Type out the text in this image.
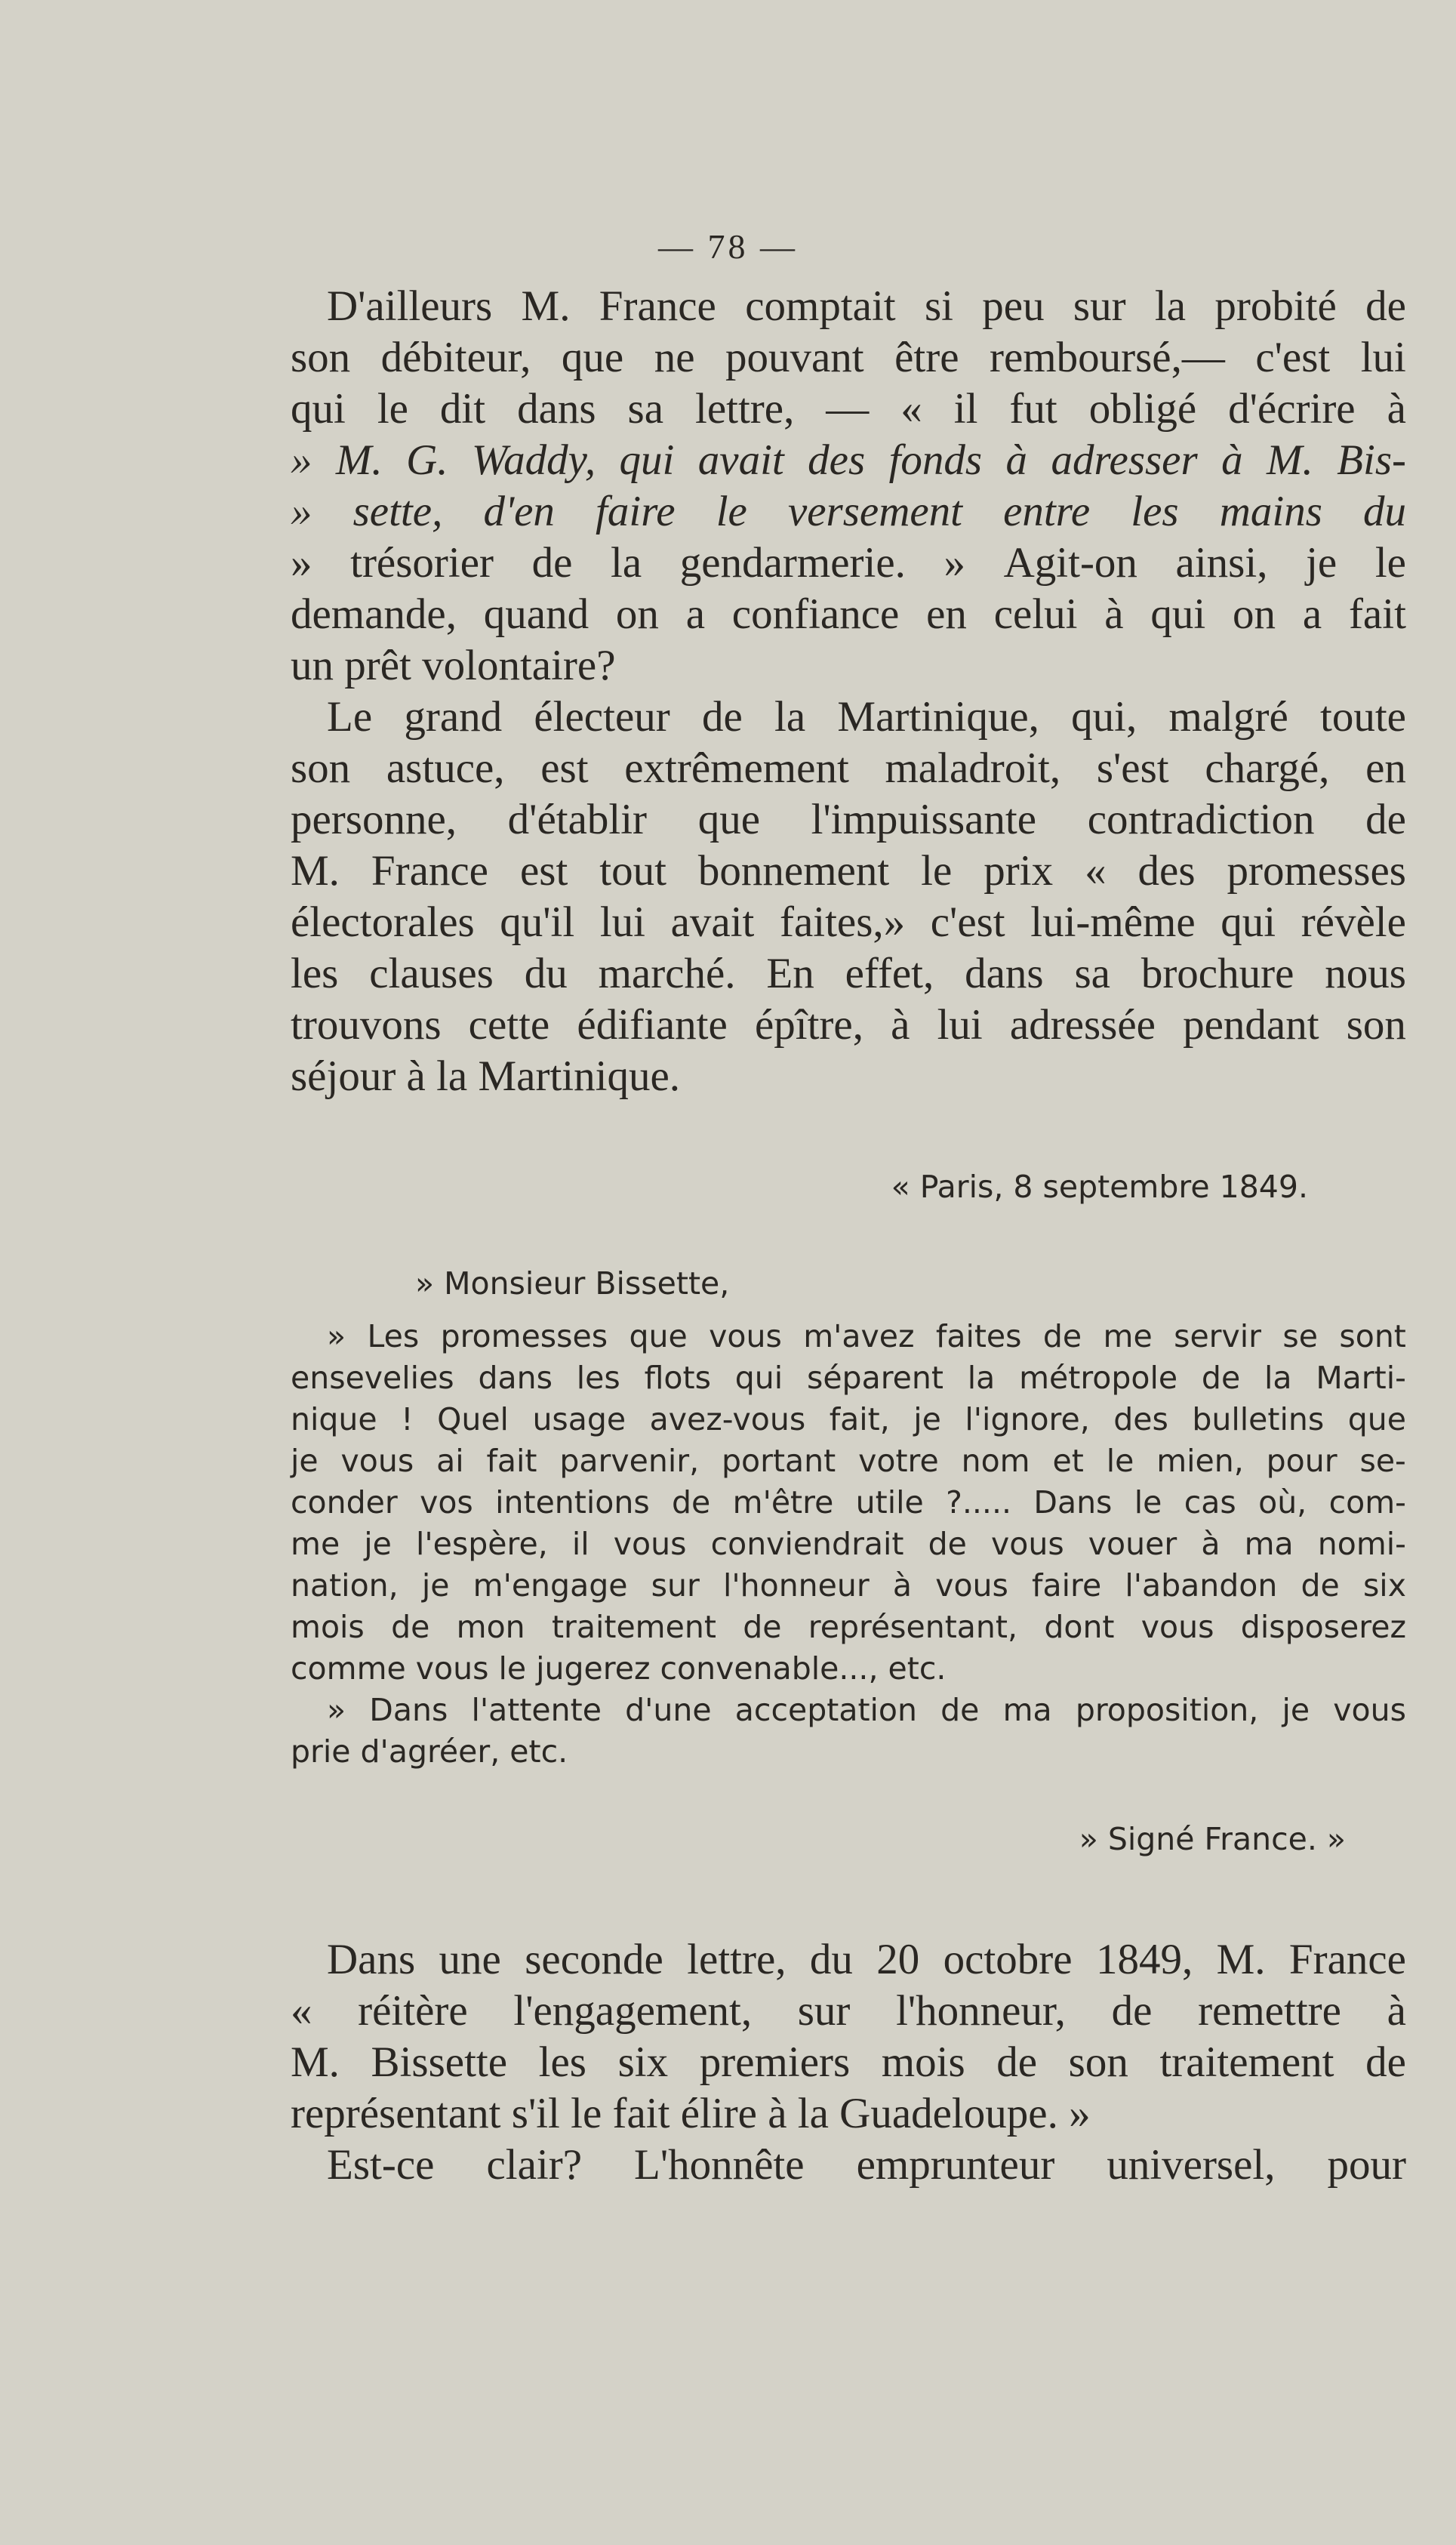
— 78 —
D'ailleurs M. France comptait si peu sur la probité de
son débiteur, que ne pouvant être remboursé,— c'est lui
qui le dit dans sa lettre, — « il fut obligé d'écrire à
» M. G. Waddy, qui avait des fonds à adresser à M. Bis-
» sette, d'en faire le versement entre les mains du
» trésorier de la gendarmerie. » Agit-on ainsi, je le
demande, quand on a confiance en celui à qui on a fait
un prêt volontaire?
Le grand électeur de la Martinique, qui, malgré toute
son astuce, est extrêmement maladroit, s'est chargé, en
personne, d'établir que l'impuissante contradiction de
M. France est tout bonnement le prix « des promesses
électorales qu'il lui avait faites,» c'est lui-même qui révèle
les clauses du marché. En effet, dans sa brochure nous
trouvons cette édifiante épître, à lui adressée pendant son
séjour à la Martinique.
« Paris, 8 septembre 1849.
» Monsieur Bissette,
» Les promesses que vous m'avez faites de me servir se sont
ensevelies dans les flots qui séparent la métropole de la Marti-
nique ! Quel usage avez-vous fait, je l'ignore, des bulletins que
je vous ai fait parvenir, portant votre nom et le mien, pour se-
conder vos intentions de m'être utile ?..... Dans le cas où, com-
me je l'espère, il vous conviendrait de vous vouer à ma nomi-
nation, je m'engage sur l'honneur à vous faire l'abandon de six
mois de mon traitement de représentant, dont vous disposerez
comme vous le jugerez convenable..., etc.
» Dans l'attente d'une acceptation de ma proposition, je vous
prie d'agréer, etc.
» Signé France. »
Dans une seconde lettre, du 20 octobre 1849, M. France
« réitère l'engagement, sur l'honneur, de remettre à
M. Bissette les six premiers mois de son traitement de
représentant s'il le fait élire à la Guadeloupe. »
Est-ce clair? L'honnête emprunteur universel, pour
